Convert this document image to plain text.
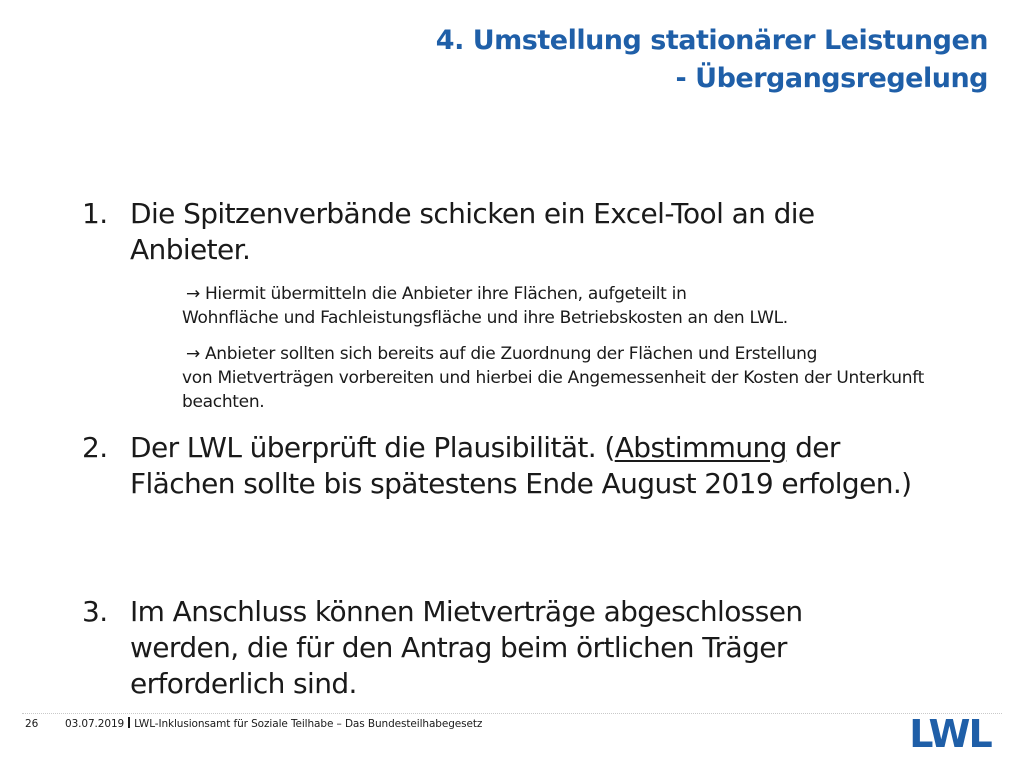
4. Umstellung stationärer Leistungen
- Übergangsregelung
1. Die Spitzenverbände schicken ein Excel-Tool an die Anbieter.
→ Hiermit übermitteln die Anbieter ihre Flächen, aufgeteilt in
Wohnfläche und Fachleistungsfläche und ihre Betriebskosten an den LWL.
→ Anbieter sollten sich bereits auf die Zuordnung der Flächen und Erstellung
von Mietverträgen vorbereiten und hierbei die Angemessenheit der Kosten der Unterkunft beachten.
2. Der LWL überprüft die Plausibilität. (Abstimmung der Flächen sollte bis spätestens Ende August 2019 erfolgen.)
3. Im Anschluss können Mietverträge abgeschlossen werden, die für den Antrag beim örtlichen Träger erforderlich sind.
26	03.07.2019 LWL-Inklusionsamt für Soziale Teilhabe – Das Bundesteilhabegesetz	LWL
